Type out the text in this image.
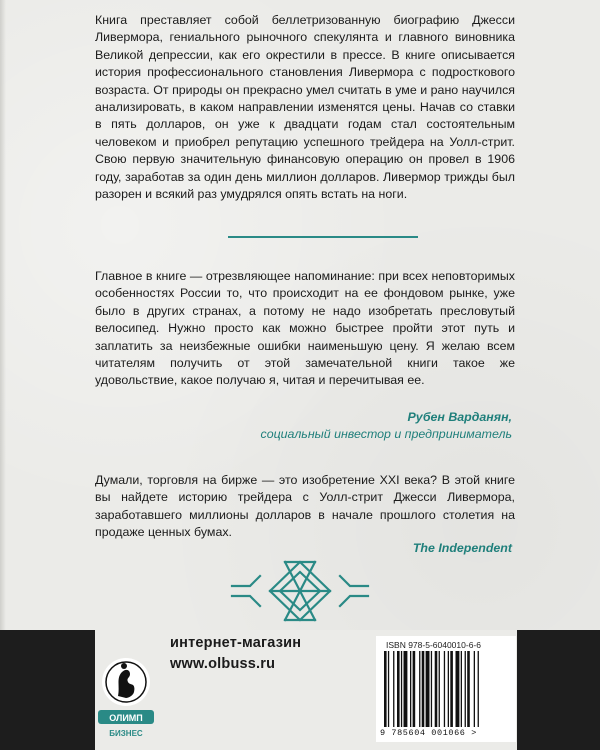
Книга преставляет собой беллетризованную биографию Джесси Ливермора, гениального рыночного спекулянта и главного виновника Великой депрессии, как его окрестили в прессе. В книге описывается история профессионального становления Ливермора с подросткового возраста. От природы он прекрасно умел считать в уме и рано научился анализировать, в каком направлении изменятся цены. Начав со ставки в пять долларов, он уже к двадцати годам стал состоятельным человеком и приобрел репутацию успешного трейдера на Уолл-стрит. Свою первую значительную финансовую операцию он провел в 1906 году, заработав за один день миллион долларов. Ливермор трижды был разорен и всякий раз умудрялся опять встать на ноги.

Главное в книге — отрезвляющее напоминание: при всех неповторимых особенностях России то, что происходит на ее фондовом рынке, уже было в других странах, а потому не надо изобретать пресловутый велосипед. Нужно просто как можно быстрее пройти этот путь и заплатить за неизбежные ошибки наименьшую цену. Я желаю всем читателям получить от этой замечательной книги такое же удовольствие, какое получаю я, читая и перечитывая ее.

Рубен Варданян,
социальный инвестор и предприниматель

Думали, торговля на бирже — это изобретение XXI века? В этой книге вы найдете историю трейдера с Уолл-стрит Джесси Ливермора, заработавшего миллионы долларов в начале прошлого столетия на продаже ценных бумах.

The Independent
ОЛИМП
БИЗНЕС
интернет-магазин
www.olbuss.ru
ISBN 978-5-6040010-6-6
9 785604 001066 >
